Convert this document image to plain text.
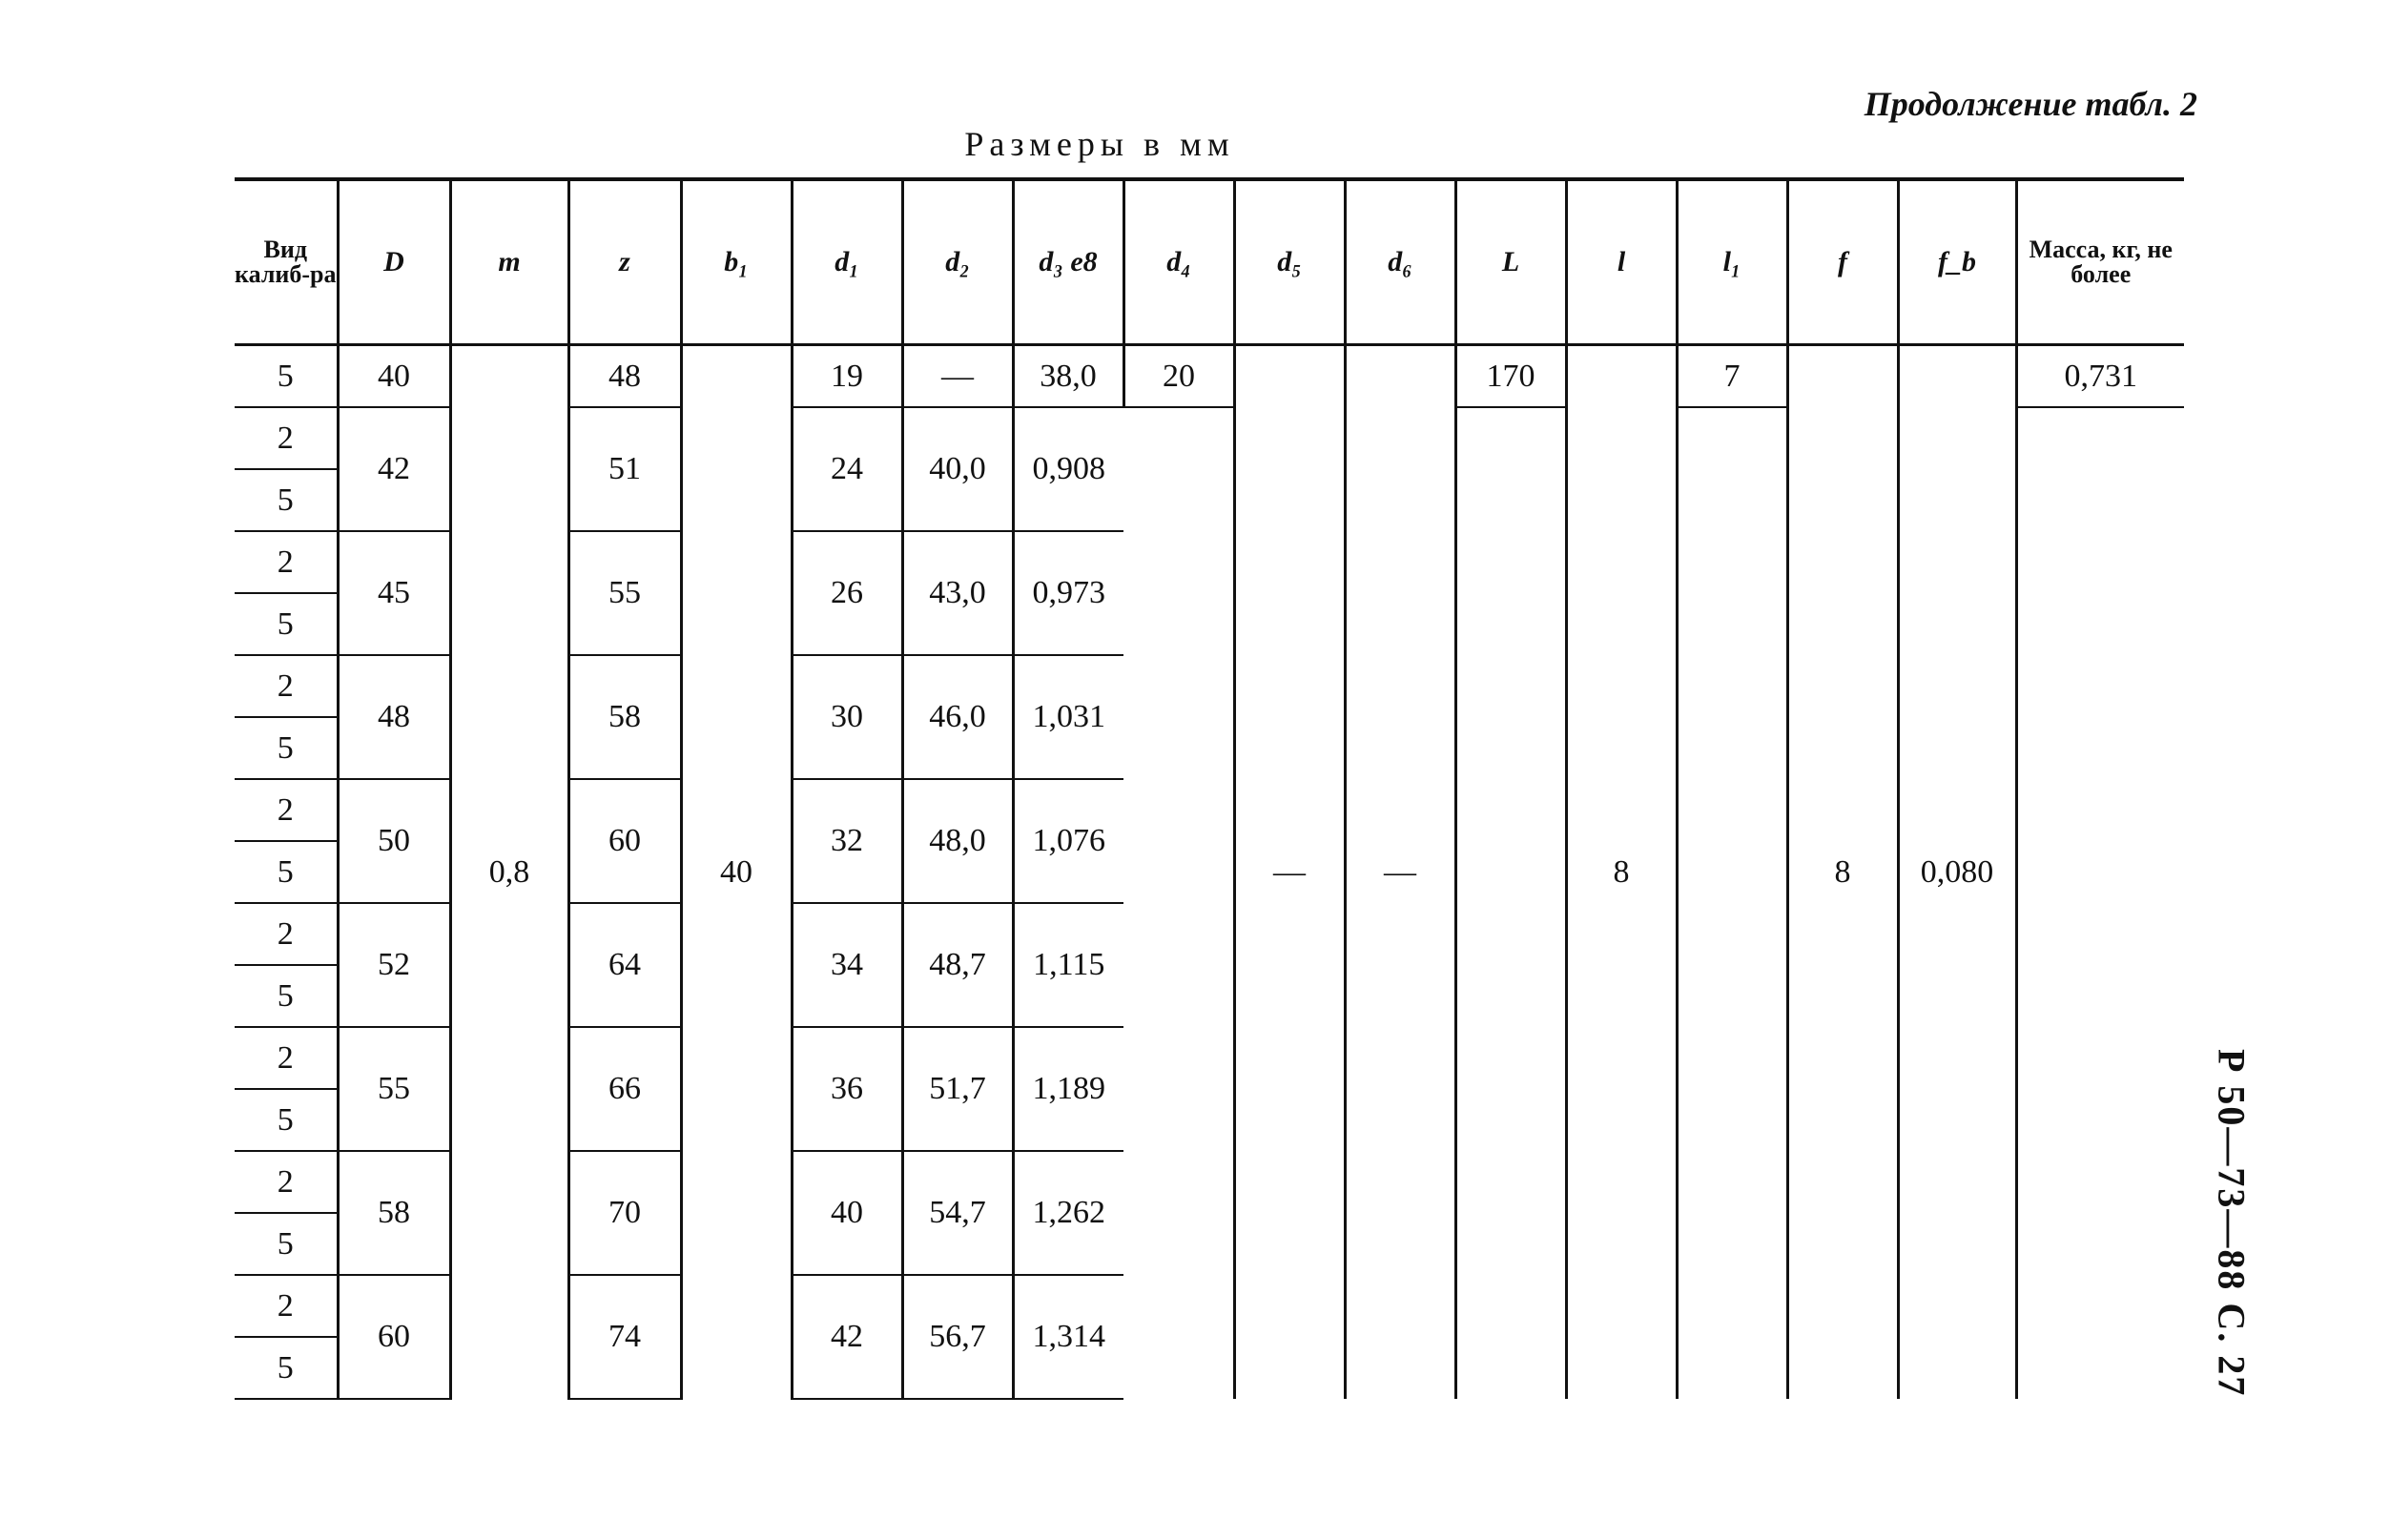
Продолжение табл. 2
Размеры в мм
Р 50—73—88 С. 27
Вид калиб-ра	D	m	z	b₁	d₁	d₂	d₃ e8	d₄	d₅	d₆	L	l	l₁	f	f_b	Масса, кг, не более
5	40	0,8	48	40	19	—	38,0	20	—	—	170	8	7	8	0,080	0,731
2	42		51		24	40,0	0,908									
5																
2	45		55		26	43,0	0,973									
5																
2	48		58		30	46,0	1,031									
5																
2	50		60		32	48,0	1,076									
5																
2	52		64		34	48,7	1,115									
5																
2	55		66		36	51,7	1,189									
5																
2	58		70		40	54,7	1,262									
5																
2	60		74		42	56,7	1,314									
5																
